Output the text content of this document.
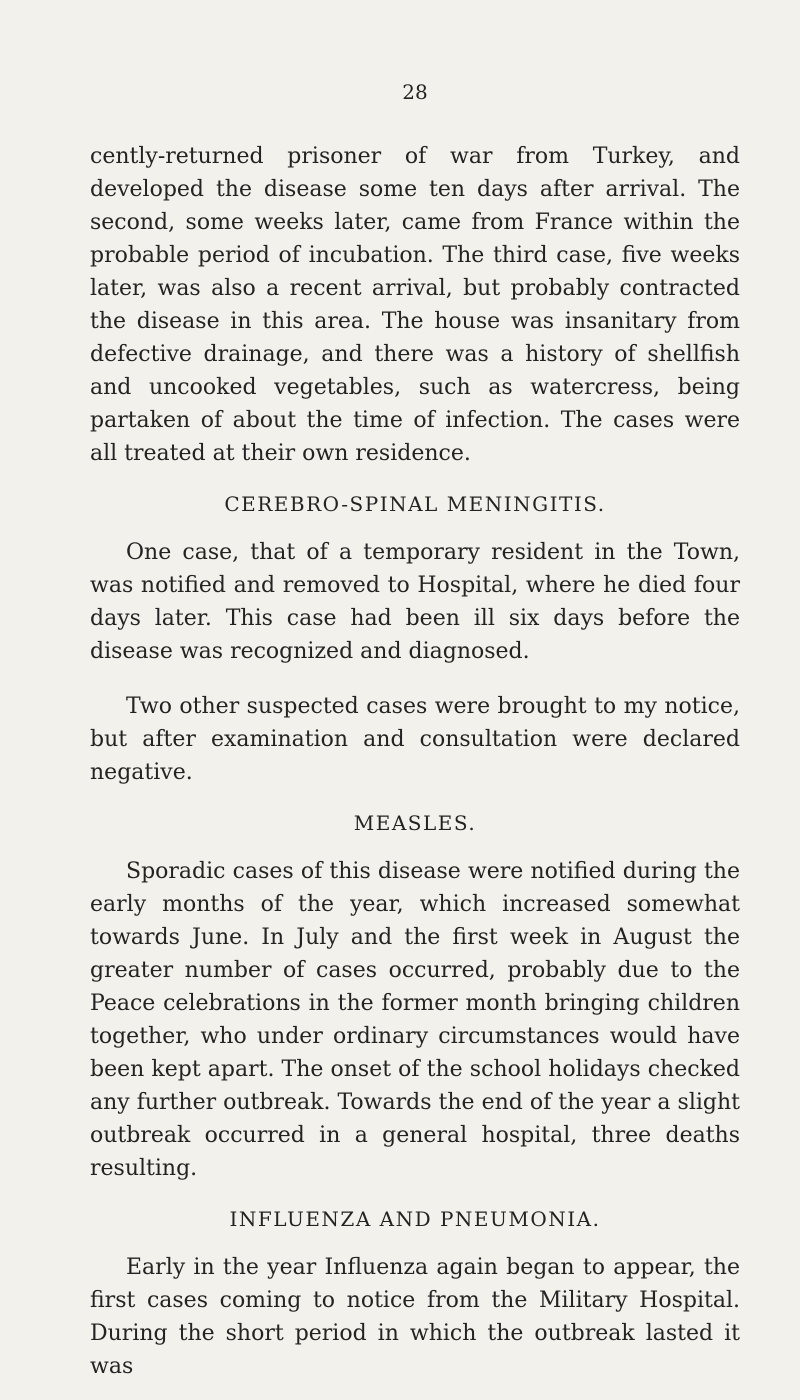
28

cently-returned prisoner of war from Turkey, and developed the disease some ten days after arrival. The second, some weeks later, came from France within the probable period of incubation. The third case, five weeks later, was also a recent arrival, but probably contracted the disease in this area. The house was insanitary from defective drainage, and there was a history of shellfish and uncooked vegetables, such as watercress, being partaken of about the time of infection. The cases were all treated at their own residence.

CEREBRO-SPINAL MENINGITIS.

One case, that of a temporary resident in the Town, was notified and removed to Hospital, where he died four days later. This case had been ill six days before the disease was recognized and diagnosed.

Two other suspected cases were brought to my notice, but after examination and consultation were declared negative.

MEASLES.

Sporadic cases of this disease were notified during the early months of the year, which increased somewhat towards June. In July and the first week in August the greater number of cases occurred, probably due to the Peace celebrations in the former month bringing children together, who under ordinary circumstances would have been kept apart. The onset of the school holidays checked any further outbreak. Towards the end of the year a slight outbreak occurred in a general hospital, three deaths resulting.

INFLUENZA AND PNEUMONIA.

Early in the year Influenza again began to appear, the first cases coming to notice from the Military Hospital. During the short period in which the outbreak lasted it was
